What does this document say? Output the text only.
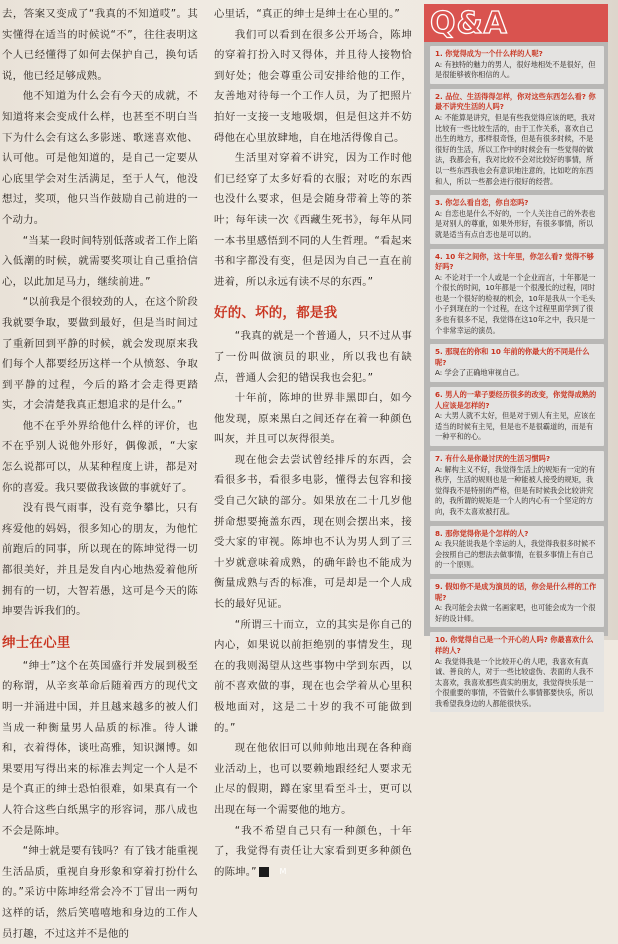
去，答案又变成了“我真的不知道哎”。其实懂得在适当的时候说“不”，往往表明这个人已经懂得了如何去保护自己，换句话说，他已经足够成熟。

他不知道为什么会有今天的成就，不知道将来会变成什么样，也甚至不明白当下为什么会有这么多影迷、歌迷喜欢他、认可他。可是他知道的，是自己一定要从心底里学会对生活满足，至于人气，他没想过，奖项，他只当作鼓励自己前进的一个动力。

“当某一段时间特别低落或者工作上陷入低潮的时候，就需要奖项让自己重拾信心，以此加足马力，继续前进。”

“以前我是个很较劲的人，在这个阶段我就要争取，要做到最好，但是当时间过了重新回到平静的时候，就会发现原来我们每个人都要经历这样一个从愤怒、争取到平静的过程，今后的路才会走得更踏实，才会清楚我真正想追求的是什么。”

他不在乎外界给他什么样的评价，也不在乎别人说他外形好，偶像派，“大家怎么说都可以，从某种程度上讲，都是对你的喜爱。我只要做我该做的事就好了。

没有畏气雨事，没有竞争攀比，只有疼爱他的妈妈，很多知心的朋友，为他忙前跑后的同事，所以现在的陈坤觉得一切都很美好，并且是发自内心地热爱着他所拥有的一切，大智若愚，这可是今天的陈坤要告诉我们的。

绅士在心里

“绅士”这个在英国盛行并发展到极至的称谓，从辛亥革命后随着西方的现代文明一并涌进中国，并且越来越多的被人们当成一种衡量男人品质的标准。待人谦和，衣着得体，谈吐高雅，知识渊博。如果要用写得出来的标准去判定一个人是不是个真正的绅士恐怕很难，如果真有一个人符合这些白纸黑字的形容词，那八成也不会是陈坤。

“绅士就是要有钱吗？有了钱才能重视生活品质，重视自身形象和穿着打扮什么的。”采访中陈坤经常会冷不丁冒出一两句这样的话，然后笑嘻嘻地和身边的工作人员打趣，不过这并不是他的

心里话，“真正的绅士是绅士在心里的。”

我们可以看到在很多公开场合，陈坤的穿着打扮入时又得体，并且待人接物恰到好处；他会尊重公司安排给他的工作，友善地对待每一个工作人员，为了把照片拍好一支接一支地吸烟，但是但这并不妨碍他在心里放肆地，自在地活得像自己。

生活里对穿着不讲究，因为工作时他们已经穿了太多好看的衣服；对吃的东西也没什么要求，但是会随身带着上等的茶叶；每年读一次《西藏生死书》，每年从同一本书里感悟到不同的人生哲理。“看起来书和字都没有变，但是因为自己一直在前进着，所以永远有读不尽的东西。”

好的、坏的，都是我

“我真的就是一个普通人，只不过从事了一份叫做演员的职业，所以我也有缺点，普通人会犯的错误我也会犯。”

十年前，陈坤的世界非黑即白，如今他发现，原来黑白之间还存在着一种颜色叫灰，并且可以灰得很美。

现在他会去尝试曾经排斥的东西，会看很多书，看很多电影，懂得去包容和接受自己欠缺的部分。如果放在二十几岁他拼命想要掩盖东西，现在则会摆出来，接受大家的审视。陈坤也不认为男人到了三十岁就意味着成熟，的确年龄也不能成为衡量成熟与否的标准，可是却是一个人成长的最好见证。

“所谓三十而立，立的其实是你自己的内心，如果说以前拒绝别的事情发生，现在的我则渴望从这些事物中学到东西，以前不喜欢做的事，现在也会学着从心里积极地面对，这是二十岁的我不可能做到的。”

现在他依旧可以帅帅地出现在各种商业活动上，也可以要赖地跟经纪人要求无止尽的假期，蹲在家里看至斗士，更可以出现在每一个需要他的地方。

“我不希望自己只有一种颜色，十年了，我觉得有责任让大家看到更多种颜色的陈坤。”	M

Q&A
1. 你觉得成为一个什么样的人呢?
A: 有独特的魅力的男人，很好地相处不是很好，但是很能够被你相信的人。
2. 品位、生活得得怎样，你对这些东西怎么看? 你最不讲究生活的人吗?
A: 不能算是讲究，但是有些我觉得应该的吧，我对比较有一些比较生活的，由于工作关系，喜欢自己出生的地方，那样很奇怪，但是有很多时候，不是很好的生活，所以工作中的时候会有一些觉得的做法，我都会有，我对比较不会对比较好的事情，所以一些东西我也会有意识地注意的，比如吃的东西和人，所以一些都会进行很好的经营。
3. 你怎么看自恋，你自恋吗?
A: 自恋也是什么不好的，一个人关注自己的外表也是对别人的尊重，如果外形好，有很多事情，所以就是适当有点自恋也是可以的。
4. 10 年之间你，这十年里，你怎么看? 觉得不够好吗?
A: 不论对于一个人或是一个企业而言，十年都是一个很长的时间，10年都是一个很漫长的过程，同时也是一个很好的检视的机会，10年是我从一个毛头小子到现在的一个过程，在这个过程里面学到了很多也有很多不足，我觉得在这10年之中，我只是一个非常幸运的演员。
5. 那现在的你和 10 年前的你最大的不同是什么呢?
A: 学会了正确地审视自己。
6. 男人的一辈子要经历很多的改变，你觉得成熟的人应该是怎样的?
A: 大男人就不太好，但是对于别人有主见，应该在适当的时候有主见，但是也不是很霸道的，而是有一种平和的心。
7. 有什么是你最讨厌的生活习惯吗?
A: 解构主义不好，我觉得生活上的规矩有一定的有秩序，生活的规则也是一种能被人接受的规矩，我觉得我不是特别的严格，但是有时候我会比较讲究的，我所谓的规矩是一个人的内心有一个坚定的方向，我不太喜欢被打乱。
8. 那你觉得你是个怎样的人?
A: 我只能说我是个幸运的人，我觉得我很多时候不会按照自己的想法去做事情，在很多事情上有自己的一个原则。
9. 假如你不是成为演员的话，你会是什么样的工作呢?
A: 我可能会去做一名画家吧，也可能会成为一个很好的设计师。
10. 你觉得自己是一个开心的人吗? 你最喜欢什么样的人?
A: 我觉得我是一个比较开心的人吧，我喜欢有真诚、善良的人，对于一些比较虚伪、表面的人我不太喜欢，我喜欢那些真实的朋友，我觉得快乐是一个很重要的事情，不管做什么事情都要快乐，所以我希望我身边的人都能很快乐。
